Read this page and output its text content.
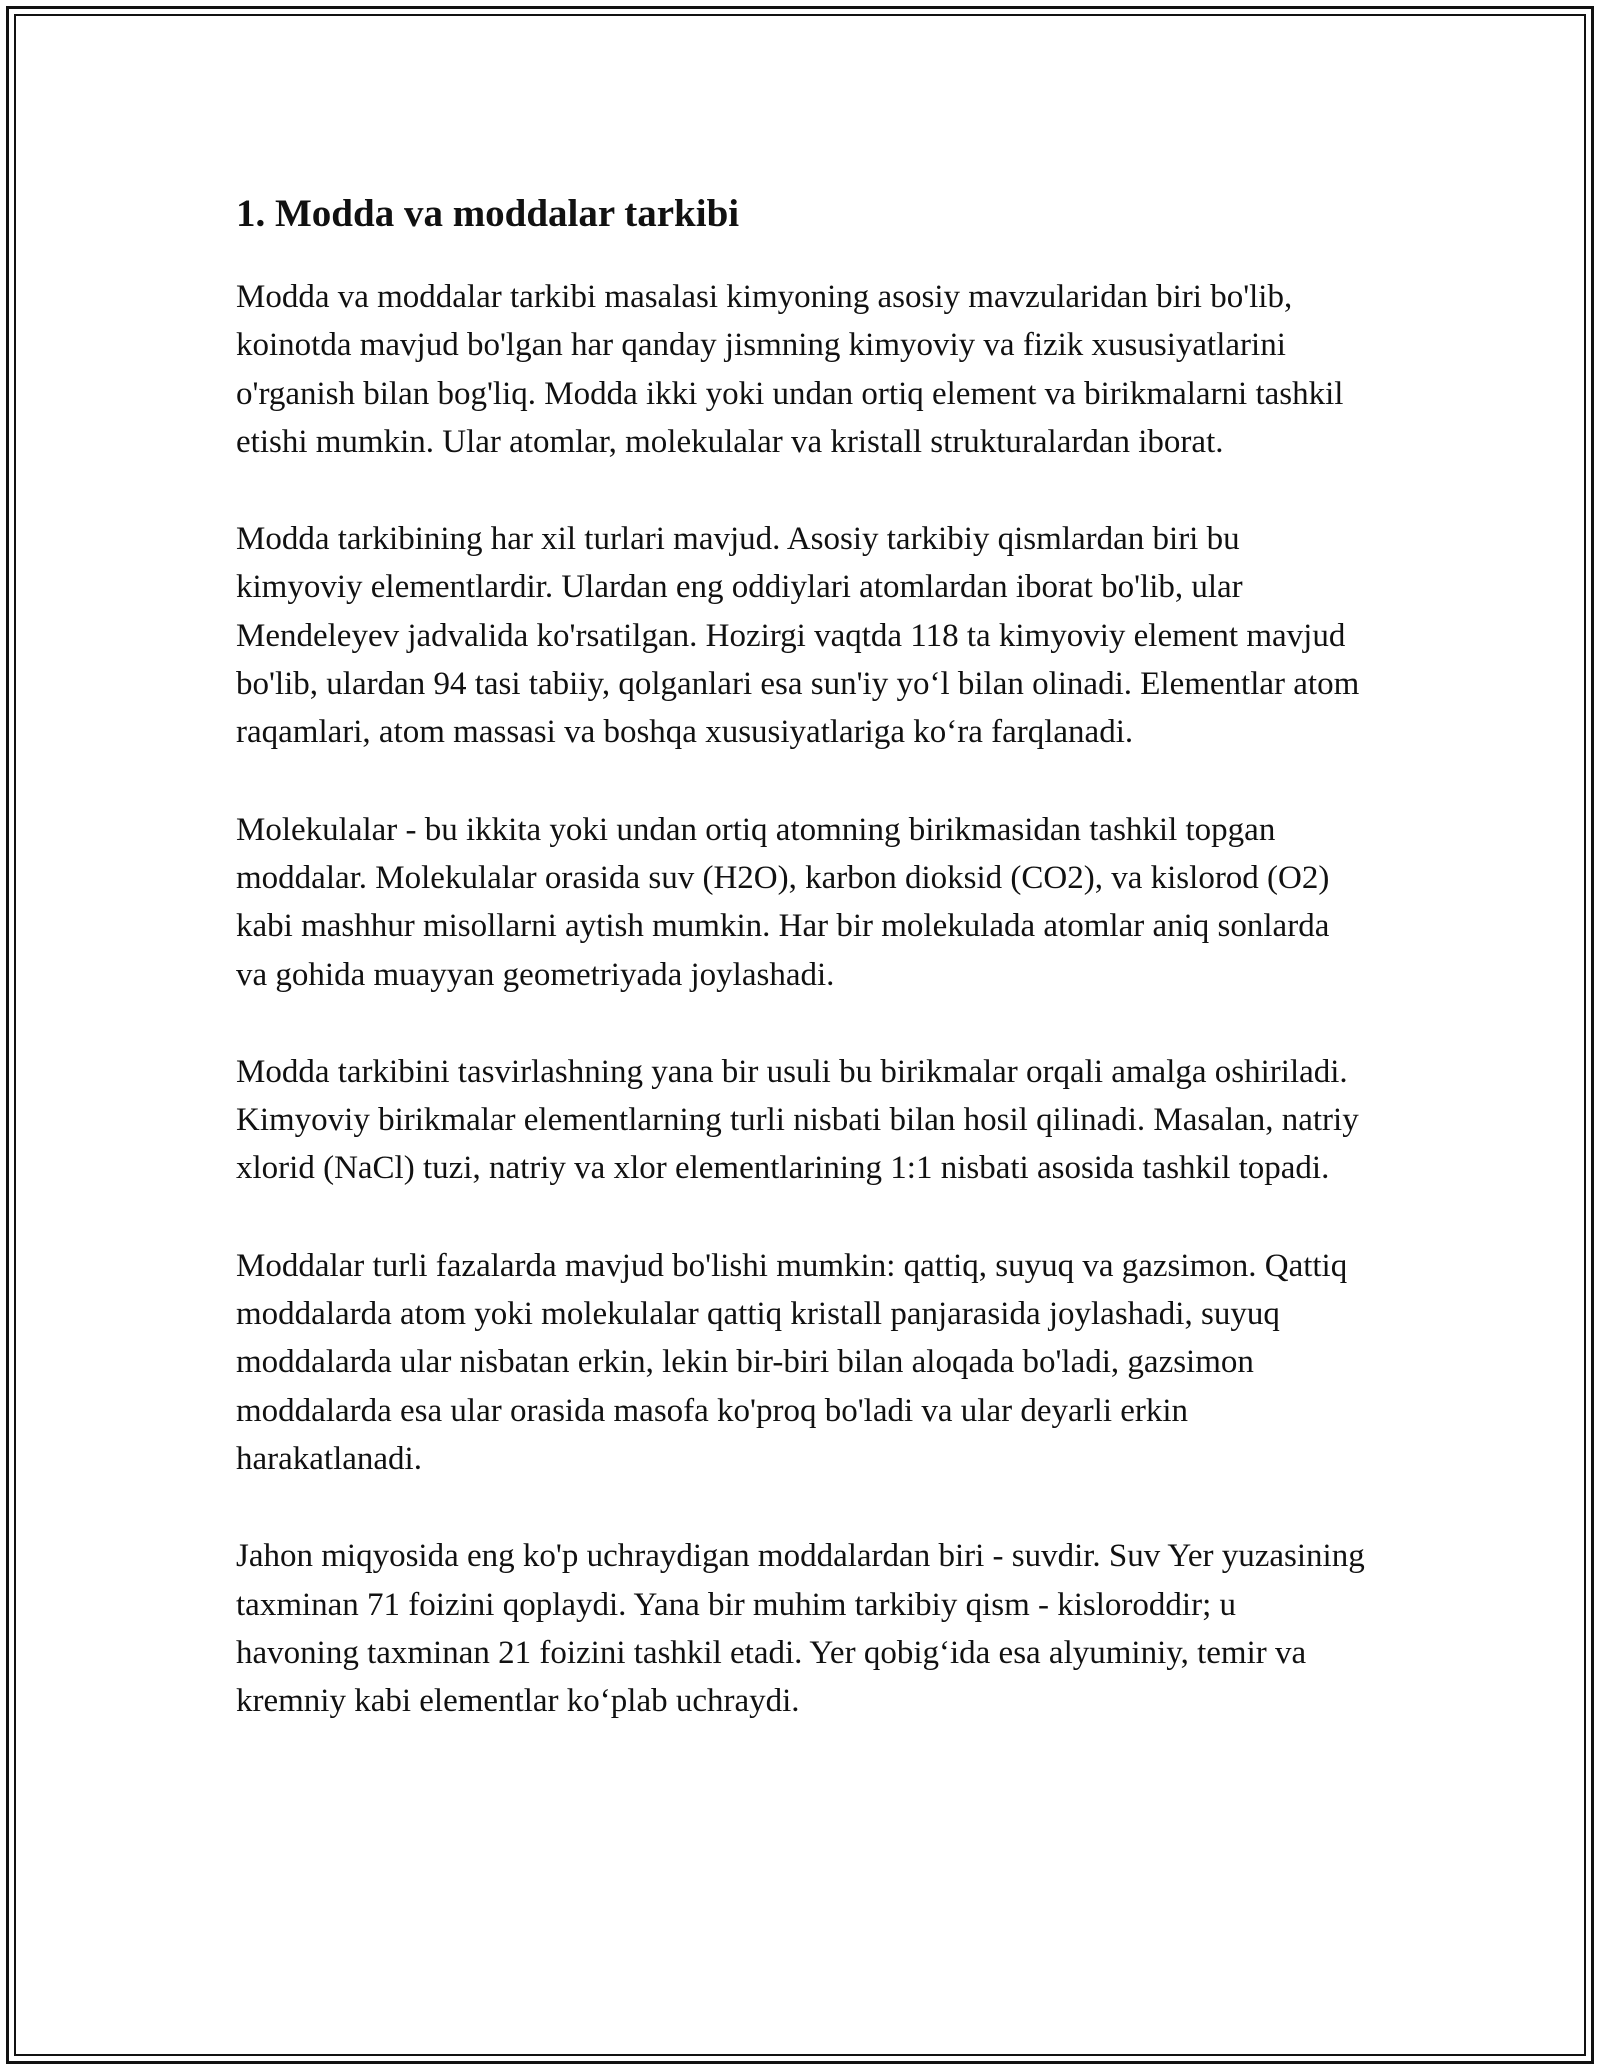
1. Modda va moddalar tarkibi

Modda va moddalar tarkibi masalasi kimyoning asosiy mavzularidan biri bo'lib, koinotda mavjud bo'lgan har qanday jismning kimyoviy va fizik xususiyatlarini o'rganish bilan bog'liq. Modda ikki yoki undan ortiq element va birikmalarni tashkil etishi mumkin. Ular atomlar, molekulalar va kristall strukturalardan iborat.

Modda tarkibining har xil turlari mavjud. Asosiy tarkibiy qismlardan biri bu kimyoviy elementlardir. Ulardan eng oddiylari atomlardan iborat bo'lib, ular Mendeleyev jadvalida ko'rsatilgan. Hozirgi vaqtda 118 ta kimyoviy element mavjud bo'lib, ulardan 94 tasi tabiiy, qolganlari esa sun'iy yo‘l bilan olinadi. Elementlar atom raqamlari, atom massasi va boshqa xususiyatlariga ko‘ra farqlanadi.

Molekulalar - bu ikkita yoki undan ortiq atomning birikmasidan tashkil topgan moddalar. Molekulalar orasida suv (H2O), karbon dioksid (CO2), va kislorod (O2) kabi mashhur misollarni aytish mumkin. Har bir molekulada atomlar aniq sonlarda va gohida muayyan geometriyada joylashadi.

Modda tarkibini tasvirlashning yana bir usuli bu birikmalar orqali amalga oshiriladi. Kimyoviy birikmalar elementlarning turli nisbati bilan hosil qilinadi. Masalan, natriy xlorid (NaCl) tuzi, natriy va xlor elementlarining 1:1 nisbati asosida tashkil topadi.

Moddalar turli fazalarda mavjud bo'lishi mumkin: qattiq, suyuq va gazsimon. Qattiq moddalarda atom yoki molekulalar qattiq kristall panjarasida joylashadi, suyuq moddalarda ular nisbatan erkin, lekin bir-biri bilan aloqada bo'ladi, gazsimon moddalarda esa ular orasida masofa ko'proq bo'ladi va ular deyarli erkin harakatlanadi.

Jahon miqyosida eng ko'p uchraydigan moddalardan biri - suvdir. Suv Yer yuzasining taxminan 71 foizini qoplaydi. Yana bir muhim tarkibiy qism - kisloroddir; u havoning taxminan 21 foizini tashkil etadi. Yer qobig‘ida esa alyuminiy, temir va kremniy kabi elementlar ko‘plab uchraydi.
